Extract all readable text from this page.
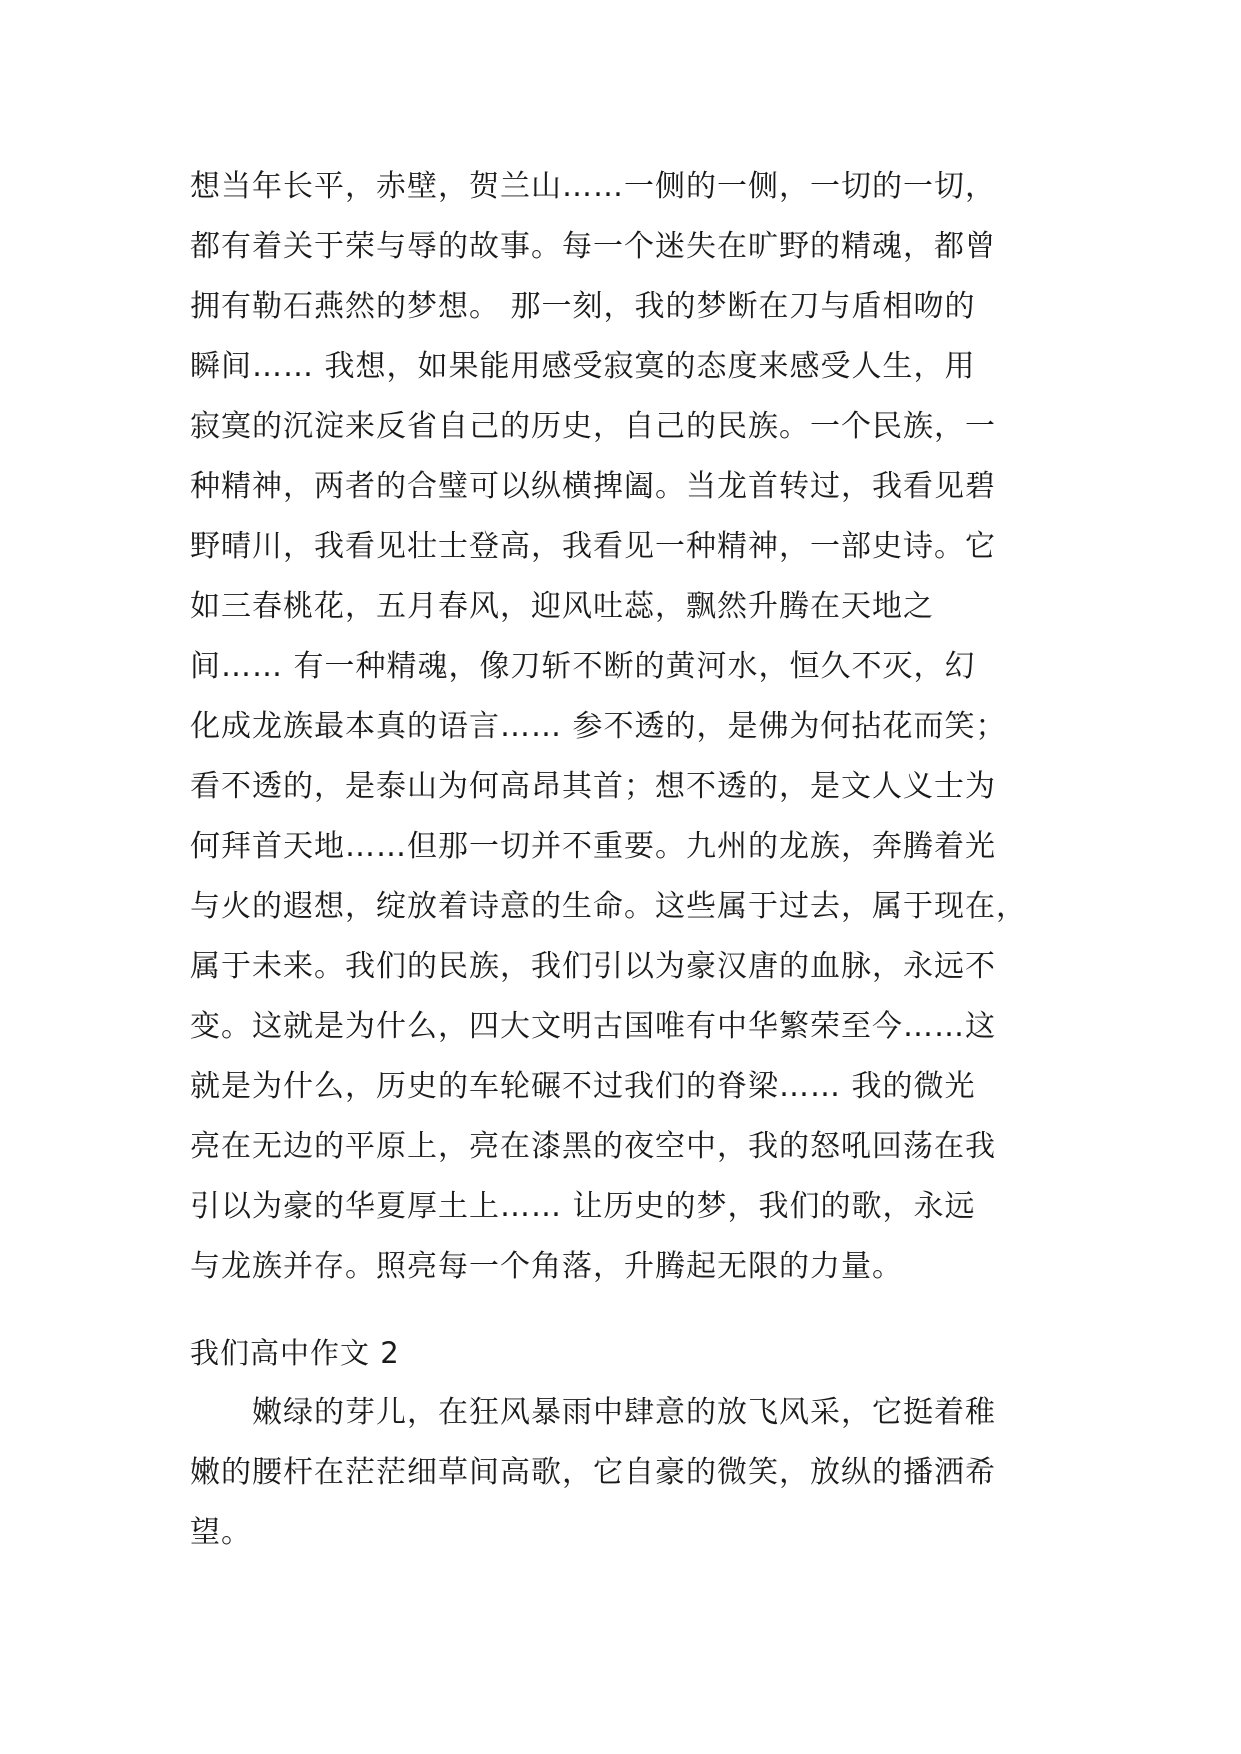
想当年长平，赤壁，贺兰山……一侧的一侧，一切的一切，
都有着关于荣与辱的故事。每一个迷失在旷野的精魂，都曾
拥有勒石燕然的梦想。 那一刻，我的梦断在刀与盾相吻的
瞬间…… 我想，如果能用感受寂寞的态度来感受人生，用
寂寞的沉淀来反省自己的历史，自己的民族。一个民族，一
种精神，两者的合璧可以纵横捭阖。当龙首转过，我看见碧
野晴川，我看见壮士登高，我看见一种精神，一部史诗。它
如三春桃花，五月春风，迎风吐蕊，飘然升腾在天地之
间…… 有一种精魂，像刀斩不断的黄河水，恒久不灭，幻
化成龙族最本真的语言…… 参不透的，是佛为何拈花而笑；
看不透的，是泰山为何高昂其首；想不透的，是文人义士为
何拜首天地……但那一切并不重要。九州的龙族，奔腾着光
与火的遐想，绽放着诗意的生命。这些属于过去，属于现在，
属于未来。我们的民族，我们引以为豪汉唐的血脉，永远不
变。这就是为什么，四大文明古国唯有中华繁荣至今……这
就是为什么，历史的车轮碾不过我们的脊梁…… 我的微光
亮在无边的平原上，亮在漆黑的夜空中，我的怒吼回荡在我
引以为豪的华夏厚土上…… 让历史的梦，我们的歌，永远
与龙族并存。照亮每一个角落，升腾起无限的力量。
我们高中作文 2
　　嫩绿的芽儿，在狂风暴雨中肆意的放飞风采，它挺着稚
嫩的腰杆在茫茫细草间高歌，它自豪的微笑，放纵的播洒希
望。
